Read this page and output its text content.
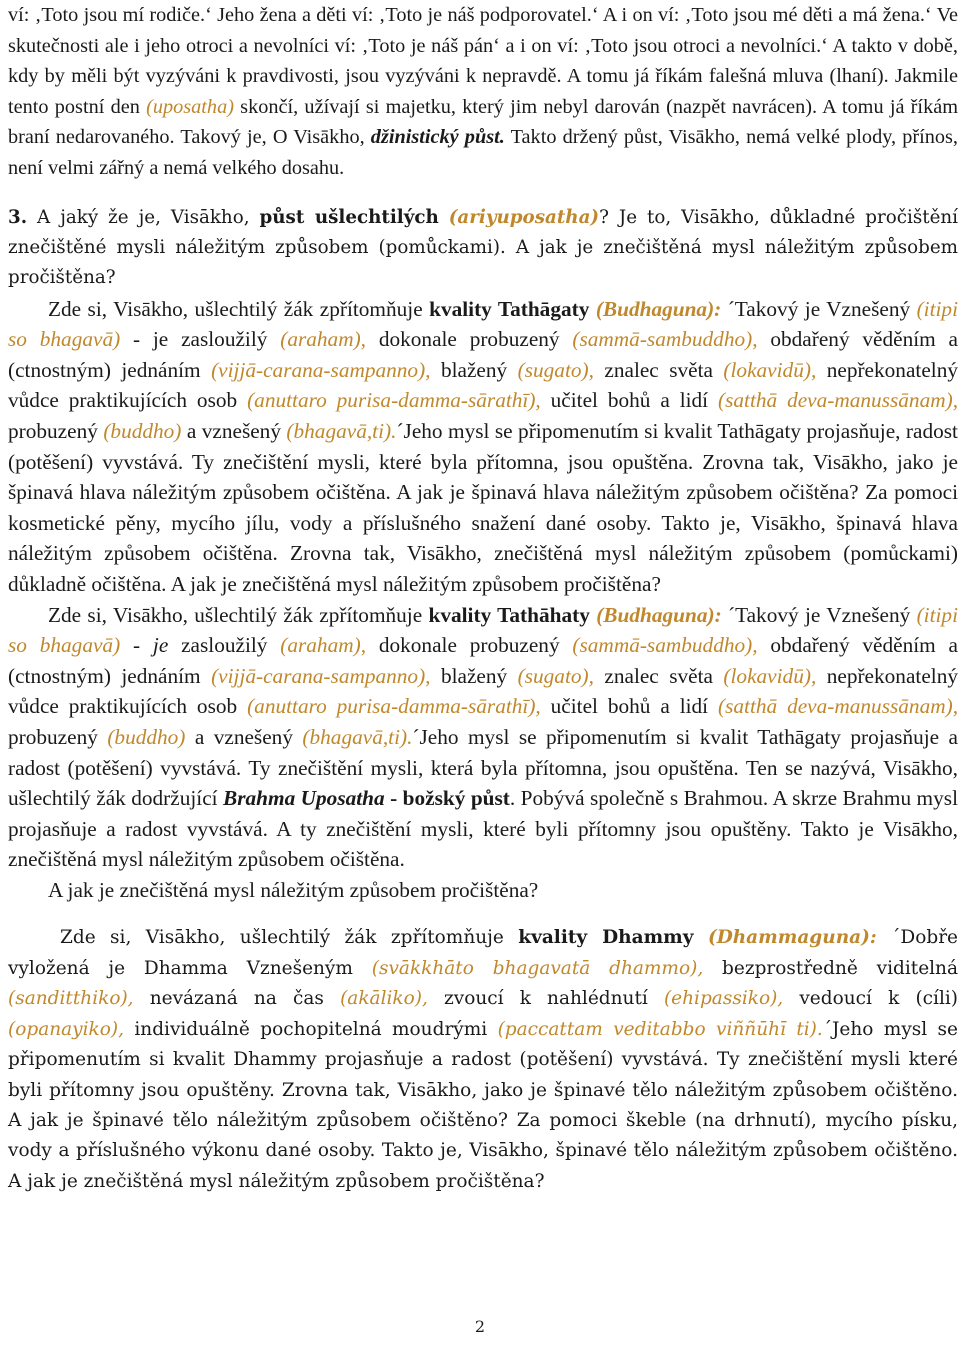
ví: ‚Toto jsou mí rodiče.‘ Jeho žena a děti ví: ‚Toto je náš podporovatel.‘ A i on ví: ‚Toto jsou mé děti a má žena.‘ Ve skutečnosti ale i jeho otroci a nevolníci ví: ‚Toto je náš pán‘ a i on ví: ‚Toto jsou otroci a nevolníci.‘ A takto v době, kdy by měli být vyzýváni k pravdivosti, jsou vyzýváni k nepravdě. A tomu já říkám falešná mluva (lhaní). Jakmile tento postní den (uposatha) skončí, užívají si majetku, který jim nebyl darován (nazpět navrácen). A tomu já říkám braní nedarovaného. Takový je, O Visākho, džinistický půst. Takto držený půst, Visākho, nemá velké plody, přínos, není velmi zářný a nemá velkého dosahu.

3. A jaký že je, Visākho, půst ušlechtilých (ariyuposatha)? Je to, Visākho, důkladné pročištění znečištěné mysli náležitým způsobem (pomůckami). A jak je znečištěná mysl náležitým způsobem pročištěna?

Zde si, Visākho, ušlechtilý žák zpřítomňuje kvality Tathāgaty (Budhaguna): ´Takový je Vznešený (itipi so bhagavā) - je zasloužilý (araham), dokonale probuzený (sammā-sambuddho), obdařený věděním a (ctnostným) jednáním (vijjā-carana-sampanno), blažený (sugato), znalec světa (lokavidū), nepřekonatelný vůdce praktikujících osob (anuttaro purisa-damma-sārathī), učitel bohů a lidí (satthā deva-manussānam), probuzený (buddho) a vznešený (bhagavā,ti).´Jeho mysl se připomenutím si kvalit Tathāgaty projasňuje, radost (potěšení) vyvstává. Ty znečištění mysli, které byla přítomna, jsou opuštěna. Zrovna tak, Visākho, jako je špinavá hlava náležitým způsobem očištěna. A jak je špinavá hlava náležitým způsobem očištěna? Za pomoci kosmetické pěny, mycího jílu, vody a příslušného snažení dané osoby. Takto je, Visākho, špinavá hlava náležitým způsobem očištěna. Zrovna tak, Visākho, znečištěná mysl náležitým způsobem (pomůckami) důkladně očištěna. A jak je znečištěná mysl náležitým způsobem pročištěna?

Zde si, Visākho, ušlechtilý žák zpřítomňuje kvality Tathāhaty (Budhaguna): ´Takový je Vznešený (itipi so bhagavā) - je zasloužilý (araham), dokonale probuzený (sammā-sambuddho), obdařený věděním a (ctnostným) jednáním (vijjā-carana-sampanno), blažený (sugato), znalec světa (lokavidū), nepřekonatelný vůdce praktikujících osob (anuttaro purisa-damma-sārathī), učitel bohů a lidí (satthā deva-manussānam), probuzený (buddho) a vznešený (bhagavā,ti).´Jeho mysl se připomenutím si kvalit Tathāgaty projasňuje a radost (potěšení) vyvstává. Ty znečištění mysli, která byla přítomna, jsou opuštěna. Ten se nazývá, Visākho, ušlechtilý žák dodržující Brahma Uposatha - božský půst. Pobývá společně s Brahmou. A skrze Brahmu mysl projasňuje a radost vyvstává. A ty znečištění mysli, které byli přítomny jsou opuštěny. Takto je Visākho, znečištěná mysl náležitým způsobem očištěna.

A jak je znečištěná mysl náležitým způsobem pročištěna?

Zde si, Visākho, ušlechtilý žák zpřítomňuje kvality Dhammy (Dhammaguna): ´Dobře vyložená je Dhamma Vznešeným (svākkhāto bhagavatā dhammo), bezprostředně viditelná (sanditthiko), nevázaná na čas (akāliko), zvoucí k nahlédnutí (ehipassiko), vedoucí k (cíli) (opanayiko), individuálně pochopitelná moudrými (paccattam veditabbo viññūhī ti).´Jeho mysl se připomenutím si kvalit Dhammy projasňuje a radost (potěšení) vyvstává. Ty znečištění mysli které byli přítomny jsou opuštěny. Zrovna tak, Visākho, jako je špinavé tělo náležitým způsobem očištěno. A jak je špinavé tělo náležitým způsobem očištěno? Za pomoci škeble (na drhnutí), mycího písku, vody a příslušného výkonu dané osoby. Takto je, Visākho, špinavé tělo náležitým způsobem očištěno. A jak je znečištěná mysl náležitým způsobem pročištěna?

2
